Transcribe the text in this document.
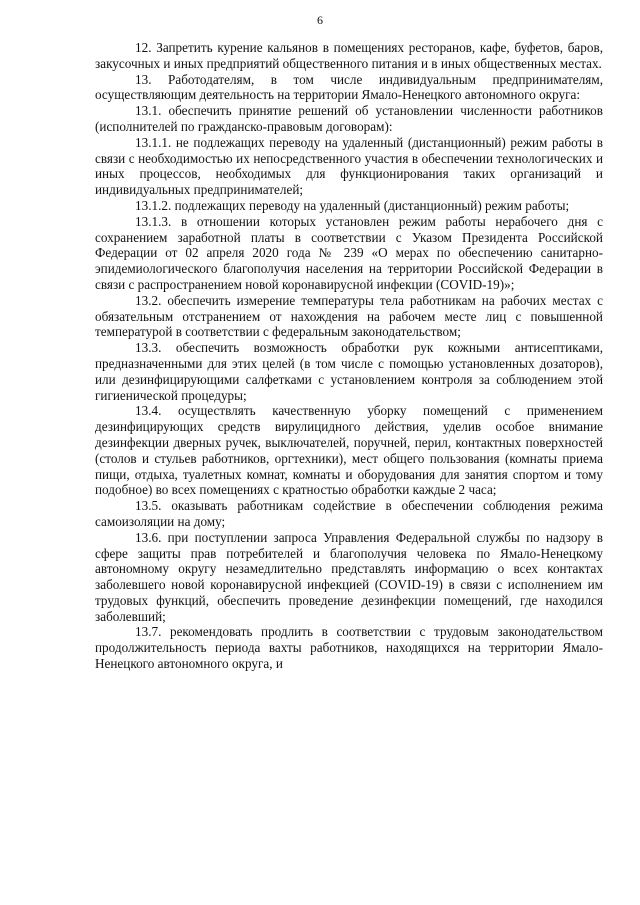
6

12. Запретить курение кальянов в помещениях ресторанов, кафе, буфетов, баров, закусочных и иных предприятий общественного питания и в иных общественных местах.

13. Работодателям, в том числе индивидуальным предпринимателям, осуществляющим деятельность на территории Ямало-Ненецкого автономного округа:

13.1. обеспечить принятие решений об установлении численности работников (исполнителей по гражданско-правовым договорам):

13.1.1. не подлежащих переводу на удаленный (дистанционный) режим работы в связи с необходимостью их непосредственного участия в обеспечении технологических и иных процессов, необходимых для функционирования таких организаций и индивидуальных предпринимателей;

13.1.2. подлежащих переводу на удаленный (дистанционный) режим работы;

13.1.3. в отношении которых установлен режим работы нерабочего дня с сохранением заработной платы в соответствии с Указом Президента Российской Федерации от 02 апреля 2020 года № 239 «О мерах по обеспечению санитарно-эпидемиологического благополучия населения на территории Российской Федерации в связи с распространением новой коронавирусной инфекции (COVID-19)»;

13.2. обеспечить измерение температуры тела работникам на рабочих местах с обязательным отстранением от нахождения на рабочем месте лиц с повышенной температурой в соответствии с федеральным законодательством;

13.3. обеспечить возможность обработки рук кожными антисептиками, предназначенными для этих целей (в том числе с помощью установленных дозаторов), или дезинфицирующими салфетками с установлением контроля за соблюдением этой гигиенической процедуры;

13.4. осуществлять качественную уборку помещений с применением дезинфицирующих средств вирулицидного действия, уделив особое внимание дезинфекции дверных ручек, выключателей, поручней, перил, контактных поверхностей (столов и стульев работников, оргтехники), мест общего пользования (комнаты приема пищи, отдыха, туалетных комнат, комнаты и оборудования для занятия спортом и тому подобное) во всех помещениях с кратностью обработки каждые 2 часа;

13.5. оказывать работникам содействие в обеспечении соблюдения режима самоизоляции на дому;

13.6. при поступлении запроса Управления Федеральной службы по надзору в сфере защиты прав потребителей и благополучия человека по Ямало-Ненецкому автономному округу незамедлительно представлять информацию о всех контактах заболевшего новой коронавирусной инфекцией (COVID-19) в связи с исполнением им трудовых функций, обеспечить проведение дезинфекции помещений, где находился заболевший;

13.7. рекомендовать продлить в соответствии с трудовым законодательством продолжительность периода вахты работников, находящихся на территории Ямало-Ненецкого автономного округа, и
